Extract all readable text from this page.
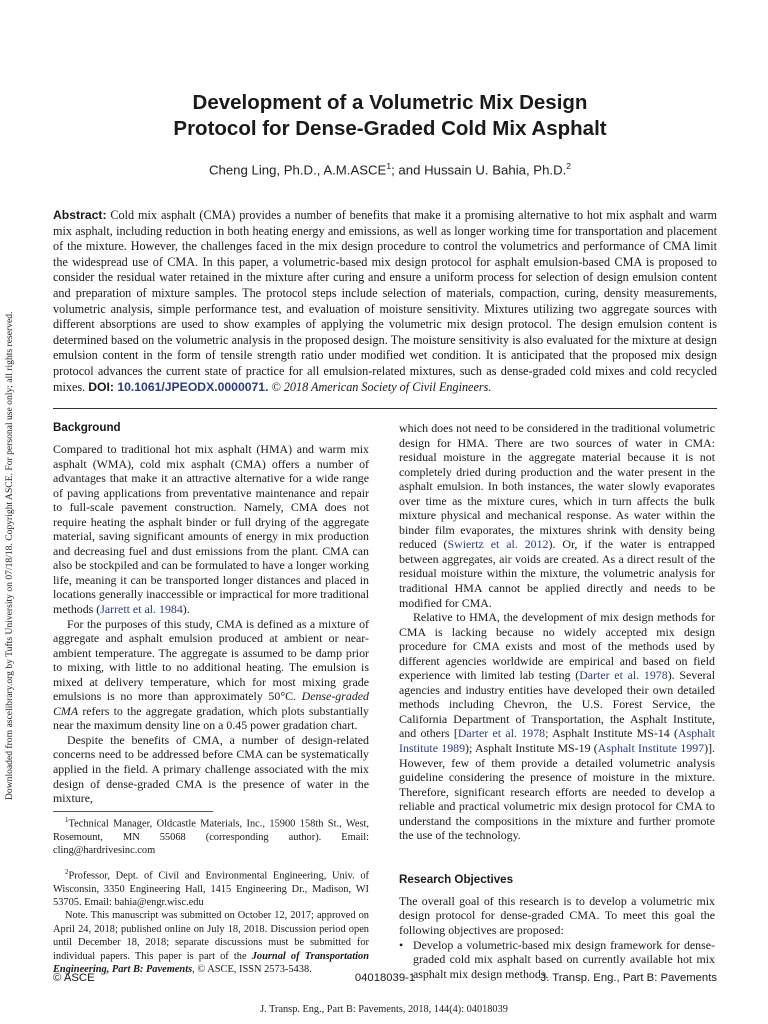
Downloaded from ascelibrary.org by Tufts University on 07/18/18. Copyright ASCE. For personal use only; all rights reserved.
Development of a Volumetric Mix Design
Protocol for Dense-Graded Cold Mix Asphalt
Cheng Ling, Ph.D., A.M.ASCE$^1$; and Hussain U. Bahia, Ph.D.$^2$

Abstract: Cold mix asphalt (CMA) provides a number of benefits that make it a promising alternative to hot mix asphalt and warm mix asphalt, including reduction in both heating energy and emissions, as well as longer working time for transportation and placement of the mixture. However, the challenges faced in the mix design procedure to control the volumetrics and performance of CMA limit the widespread use of CMA. In this paper, a volumetric-based mix design protocol for asphalt emulsion-based CMA is proposed to consider the residual water retained in the mixture after curing and ensure a uniform process for selection of design emulsion content and preparation of mixture samples. The protocol steps include selection of materials, compaction, curing, density measurements, volumetric analysis, simple performance test, and evaluation of moisture sensitivity. Mixtures utilizing two aggregate sources with different absorptions are used to show examples of applying the volumetric mix design protocol. The design emulsion content is determined based on the volumetric analysis in the proposed design. The moisture sensitivity is also evaluated for the mixture at design emulsion content in the form of tensile strength ratio under modified wet condition. It is anticipated that the proposed mix design protocol advances the current state of practice for all emulsion-related mixtures, such as dense-graded cold mixes and cold recycled mixes. DOI: 10.1061/JPEODX.0000071. © 2018 American Society of Civil Engineers.

Background

Compared to traditional hot mix asphalt (HMA) and warm mix asphalt (WMA), cold mix asphalt (CMA) offers a number of advantages that make it an attractive alternative for a wide range of paving applications from preventative maintenance and repair to full-scale pavement construction. Namely, CMA does not require heating the asphalt binder or full drying of the aggregate material, saving significant amounts of energy in mix production and decreasing fuel and dust emissions from the plant. CMA can also be stockpiled and can be formulated to have a longer working life, meaning it can be transported longer distances and placed in locations generally inaccessible or impractical for more traditional methods (Jarrett et al. 1984).

For the purposes of this study, CMA is defined as a mixture of aggregate and asphalt emulsion produced at ambient or near-ambient temperature. The aggregate is assumed to be damp prior to mixing, with little to no additional heating. The emulsion is mixed at delivery temperature, which for most mixing grade emulsions is no more than approximately 50°C. Dense-graded CMA refers to the aggregate gradation, which plots substantially near the maximum density line on a 0.45 power gradation chart.

Despite the benefits of CMA, a number of design-related concerns need to be addressed before CMA can be systematically applied in the field. A primary challenge associated with the mix design of dense-graded CMA is the presence of water in the mixture,

$^1$Technical Manager, Oldcastle Materials, Inc., 15900 158th St., West, Rosemount, MN 55068 (corresponding author). Email: cling@hardrivesinc.com

$^2$Professor, Dept. of Civil and Environmental Engineering, Univ. of Wisconsin, 3350 Engineering Hall, 1415 Engineering Dr., Madison, WI 53705. Email: bahia@engr.wisc.edu

Note. This manuscript was submitted on October 12, 2017; approved on April 24, 2018; published online on July 18, 2018. Discussion period open until December 18, 2018; separate discussions must be submitted for individual papers. This paper is part of the Journal of Transportation Engineering, Part B: Pavements, © ASCE, ISSN 2573-5438.

which does not need to be considered in the traditional volumetric design for HMA. There are two sources of water in CMA: residual moisture in the aggregate material because it is not completely dried during production and the water present in the asphalt emulsion. In both instances, the water slowly evaporates over time as the mixture cures, which in turn affects the bulk mixture physical and mechanical response. As water within the binder film evaporates, the mixtures shrink with density being reduced (Swiertz et al. 2012). Or, if the water is entrapped between aggregates, air voids are created. As a direct result of the residual moisture within the mixture, the volumetric analysis for traditional HMA cannot be applied directly and needs to be modified for CMA.

Relative to HMA, the development of mix design methods for CMA is lacking because no widely accepted mix design procedure for CMA exists and most of the methods used by different agencies worldwide are empirical and based on field experience with limited lab testing (Darter et al. 1978). Several agencies and industry entities have developed their own detailed methods including Chevron, the U.S. Forest Service, the California Department of Transportation, the Asphalt Institute, and others [Darter et al. 1978; Asphalt Institute MS-14 (Asphalt Institute 1989); Asphalt Institute MS-19 (Asphalt Institute 1997)]. However, few of them provide a detailed volumetric analysis guideline considering the presence of moisture in the mixture. Therefore, significant research efforts are needed to develop a reliable and practical volumetric mix design protocol for CMA to understand the compositions in the mixture and further promote the use of the technology.

Research Objectives

The overall goal of this research is to develop a volumetric mix design protocol for dense-graded CMA. To meet this goal the following objectives are proposed:

• Develop a volumetric-based mix design framework for dense-graded cold mix asphalt based on currently available hot mix asphalt mix design methods.
© ASCE	04018039-1	J. Transp. Eng., Part B: Pavements
J. Transp. Eng., Part B: Pavements, 2018, 144(4): 04018039
